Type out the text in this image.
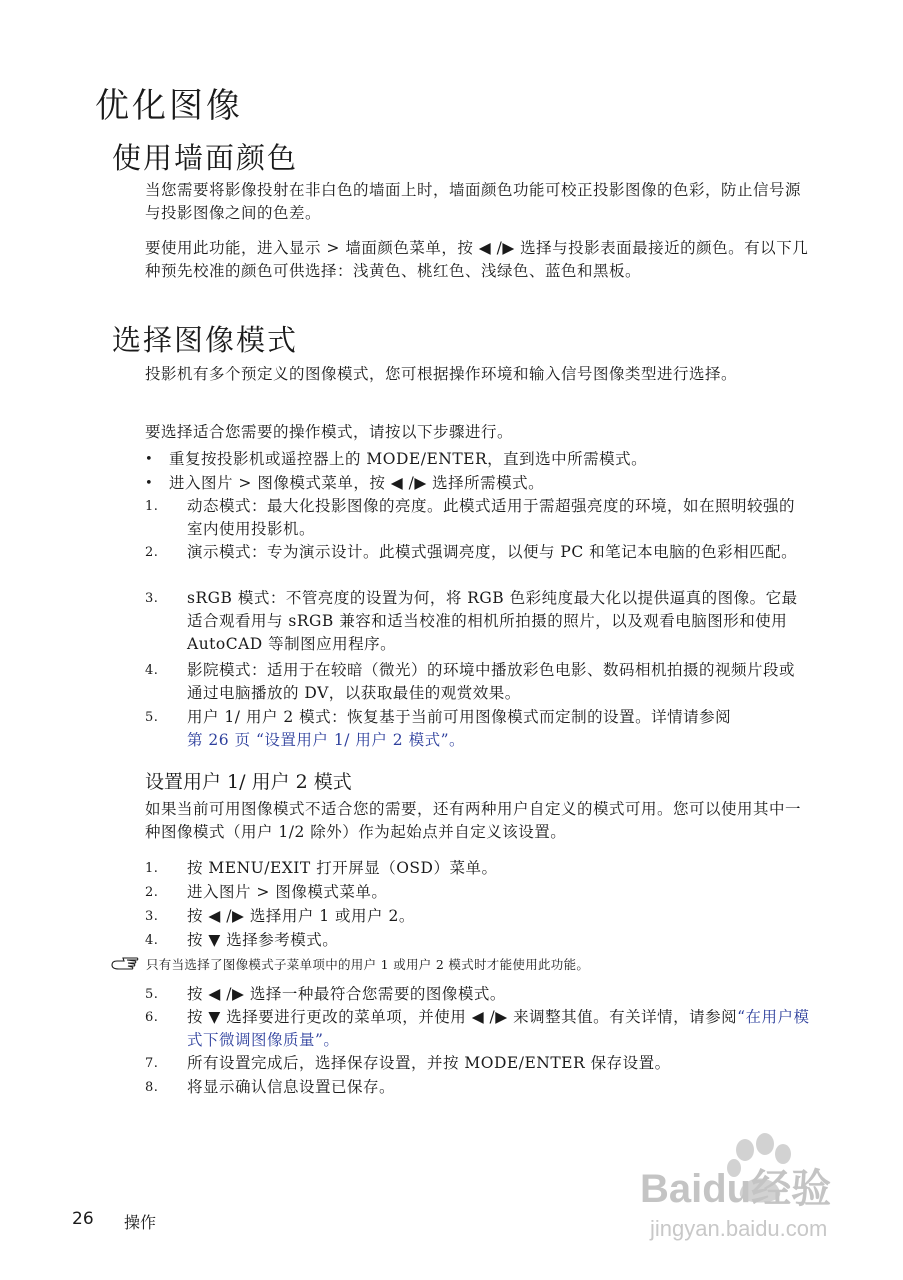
优化图像
使用墙面颜色
当您需要将影像投射在非白色的墙面上时，墙面颜色功能可校正投影图像的色彩，防止信号源与投影图像之间的色差。
要使用此功能，进入显示 > 墙面颜色菜单，按 ◀ /▶ 选择与投影表面最接近的颜色。有以下几种预先校准的颜色可供选择：浅黄色、桃红色、浅绿色、蓝色和黑板。
选择图像模式
投影机有多个预定义的图像模式，您可根据操作环境和输入信号图像类型进行选择。
要选择适合您需要的操作模式，请按以下步骤进行。
• 重复按投影机或遥控器上的 MODE/ENTER，直到选中所需模式。
• 进入图片 > 图像模式菜单，按 ◀ /▶ 选择所需模式。
1.	动态模式：最大化投影图像的亮度。此模式适用于需超强亮度的环境，如在照明较强的室内使用投影机。
2.	演示模式：专为演示设计。此模式强调亮度，以便与 PC 和笔记本电脑的色彩相匹配。
3.	sRGB 模式：不管亮度的设置为何，将 RGB 色彩纯度最大化以提供逼真的图像。它最适合观看用与 sRGB 兼容和适当校准的相机所拍摄的照片，以及观看电脑图形和使用 AutoCAD 等制图应用程序。
4.	影院模式：适用于在较暗（微光）的环境中播放彩色电影、数码相机拍摄的视频片段或通过电脑播放的 DV，以获取最佳的观赏效果。
5.	用户 1/ 用户 2 模式：恢复基于当前可用图像模式而定制的设置。详情请参阅
第 26 页 “设置用户 1/ 用户 2 模式”。
设置用户 1/ 用户 2 模式
如果当前可用图像模式不适合您的需要，还有两种用户自定义的模式可用。您可以使用其中一种图像模式（用户 1/2 除外）作为起始点并自定义该设置。
1.	按 MENU/EXIT 打开屏显（OSD）菜单。
2.	进入图片 > 图像模式菜单。
3.	按 ◀ /▶ 选择用户 1 或用户 2。
4.	按 ▼ 选择参考模式。
只有当选择了图像模式子菜单项中的用户 1 或用户 2 模式时才能使用此功能。
5.	按 ◀ /▶ 选择一种最符合您需要的图像模式。
6.	按 ▼ 选择要进行更改的菜单项，并使用 ◀ /▶ 来调整其值。有关详情，请参阅“在用户模式下微调图像质量”。
7.	所有设置完成后，选择保存设置，并按 MODE/ENTER 保存设置。
8.	将显示确认信息设置已保存。
26 操作
Baidu经验
jingyan.baidu.com
